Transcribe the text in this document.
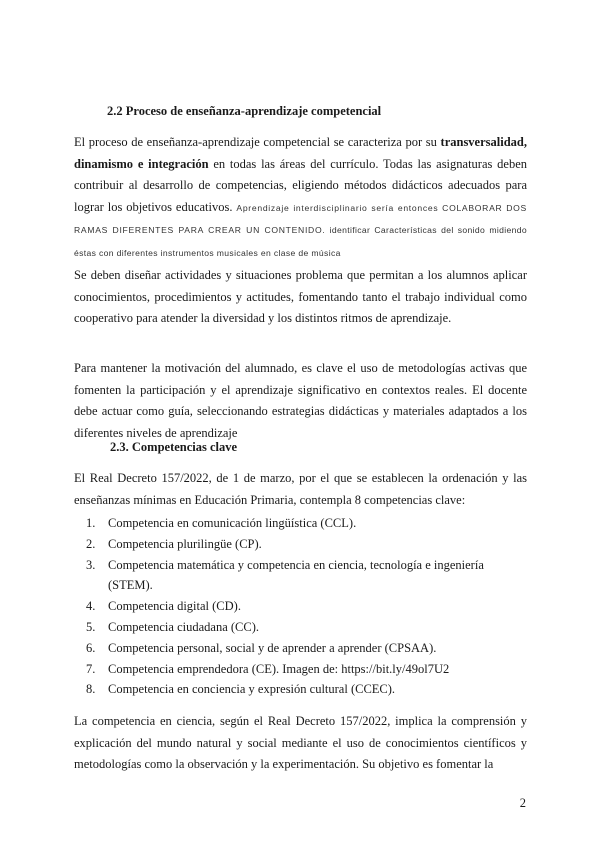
2.2 Proceso de enseñanza-aprendizaje competencial

El proceso de enseñanza-aprendizaje competencial se caracteriza por su transversalidad, dinamismo e integración en todas las áreas del currículo. Todas las asignaturas deben contribuir al desarrollo de competencias, eligiendo métodos didácticos adecuados para lograr los objetivos educativos. Aprendizaje interdisciplinario sería entonces COLABORAR DOS RAMAS DIFERENTES PARA CREAR UN CONTENIDO. identificar Características del sonido midiendo éstas con diferentes instrumentos musicales en clase de música

Se deben diseñar actividades y situaciones problema que permitan a los alumnos aplicar conocimientos, procedimientos y actitudes, fomentando tanto el trabajo individual como cooperativo para atender la diversidad y los distintos ritmos de aprendizaje.

Para mantener la motivación del alumnado, es clave el uso de metodologías activas que fomenten la participación y el aprendizaje significativo en contextos reales. El docente debe actuar como guía, seleccionando estrategias didácticas y materiales adaptados a los diferentes niveles de aprendizaje

2.3. Competencias clave

El Real Decreto 157/2022, de 1 de marzo, por el que se establecen la ordenación y las enseñanzas mínimas en Educación Primaria, contempla 8 competencias clave:

1.	Competencia en comunicación lingüística (CCL).
2.	Competencia plurilingüe (CP).
3.	Competencia matemática y competencia en ciencia, tecnología e ingeniería (STEM).
4.	Competencia digital (CD).
5.	Competencia ciudadana (CC).
6.	Competencia personal, social y de aprender a aprender (CPSAA).
7.	Competencia emprendedora (CE). Imagen de: https://bit.ly/49ol7U2
8.	Competencia en conciencia y expresión cultural (CCEC).

La competencia en ciencia, según el Real Decreto 157/2022, implica la comprensión y explicación del mundo natural y social mediante el uso de conocimientos científicos y metodologías como la observación y la experimentación. Su objetivo es fomentar la

2
